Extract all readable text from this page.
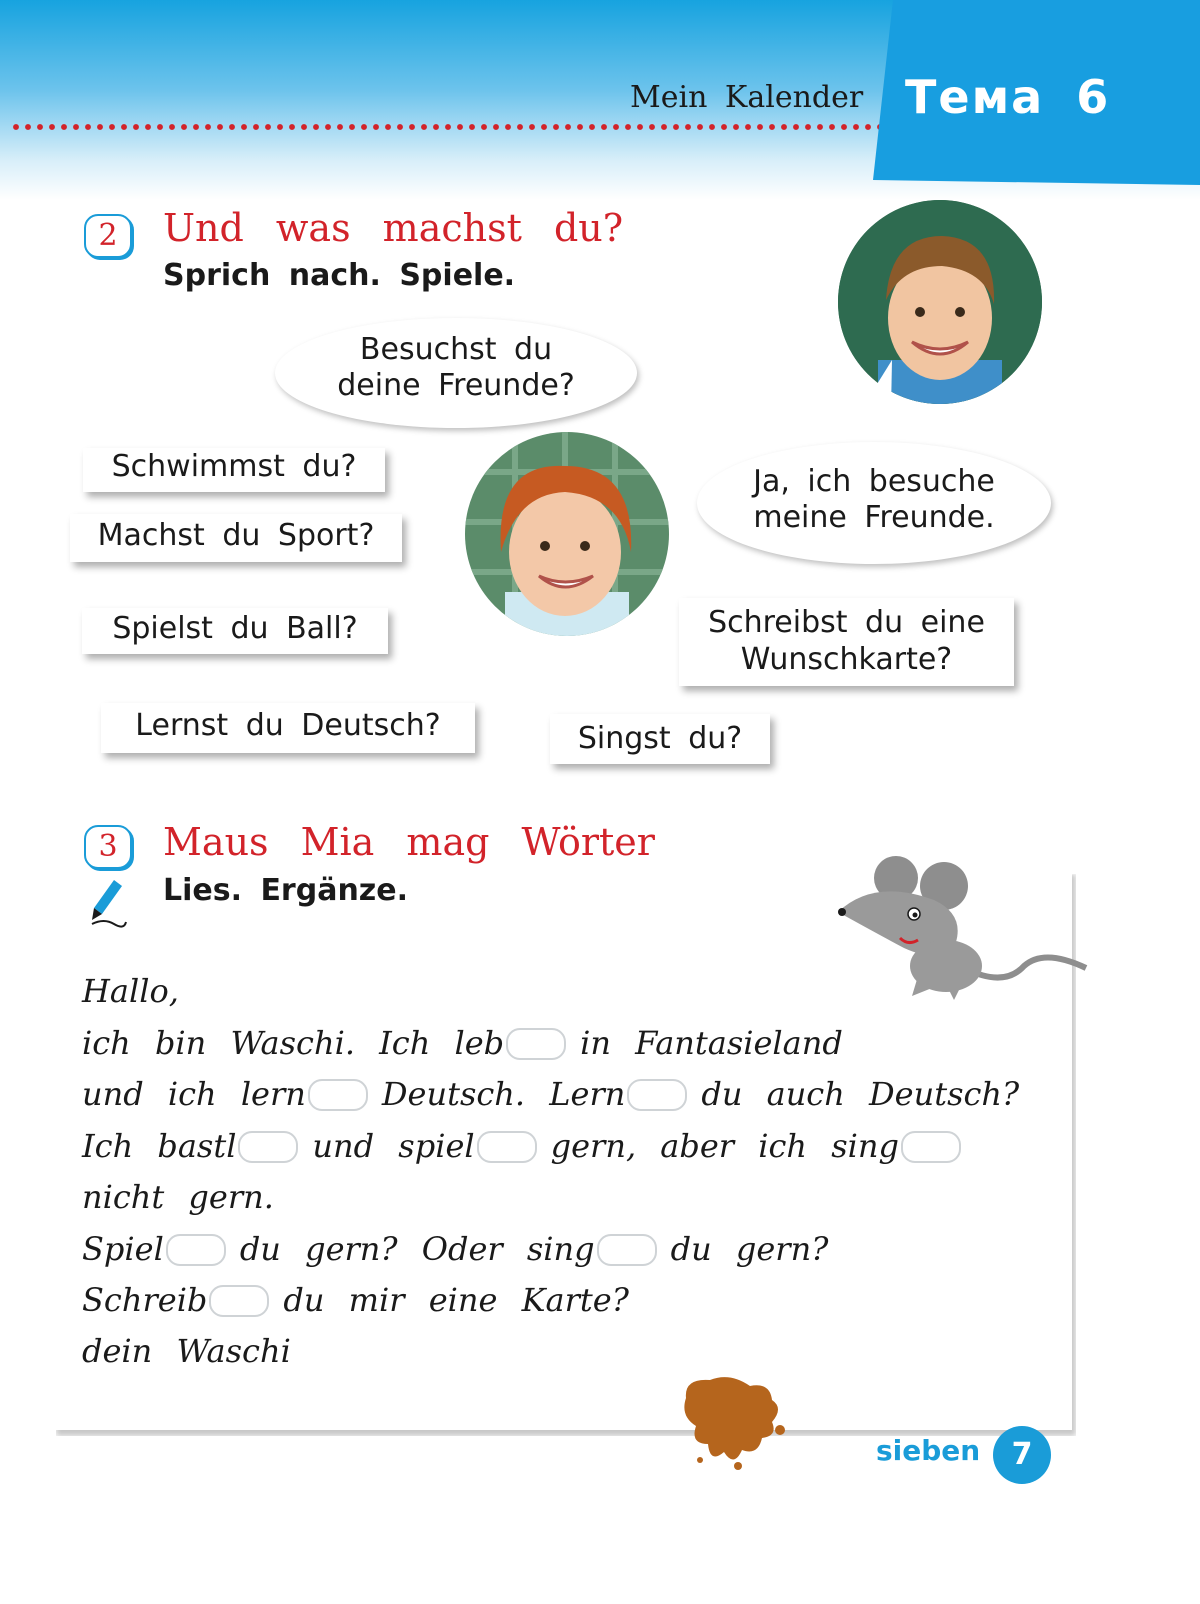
Mein Kalender Тема 6
2	Und was machst du?
Sprich nach. Spiele.
Ja, ich besuche
meine Freunde.
Besuchst du
deine Freunde?
Schwimmst du?
Machst du Sport?
Spielst du Ball?
Lernst du Deutsch?
Schreibst du eine
Wunschkarte?
Singst du?
3	Maus Mia mag Wörter
Lies. Ergänze.
Hallo,
ich bin Waschi. Ich leb in Fantasieland
und ich lern Deutsch. Lern du auch Deutsch?
Ich bastl und spiel gern, aber ich sing
nicht gern.
Spiel du gern? Oder sing du gern?
Schreib du mir eine Karte?
dein Waschi
sieben	7
